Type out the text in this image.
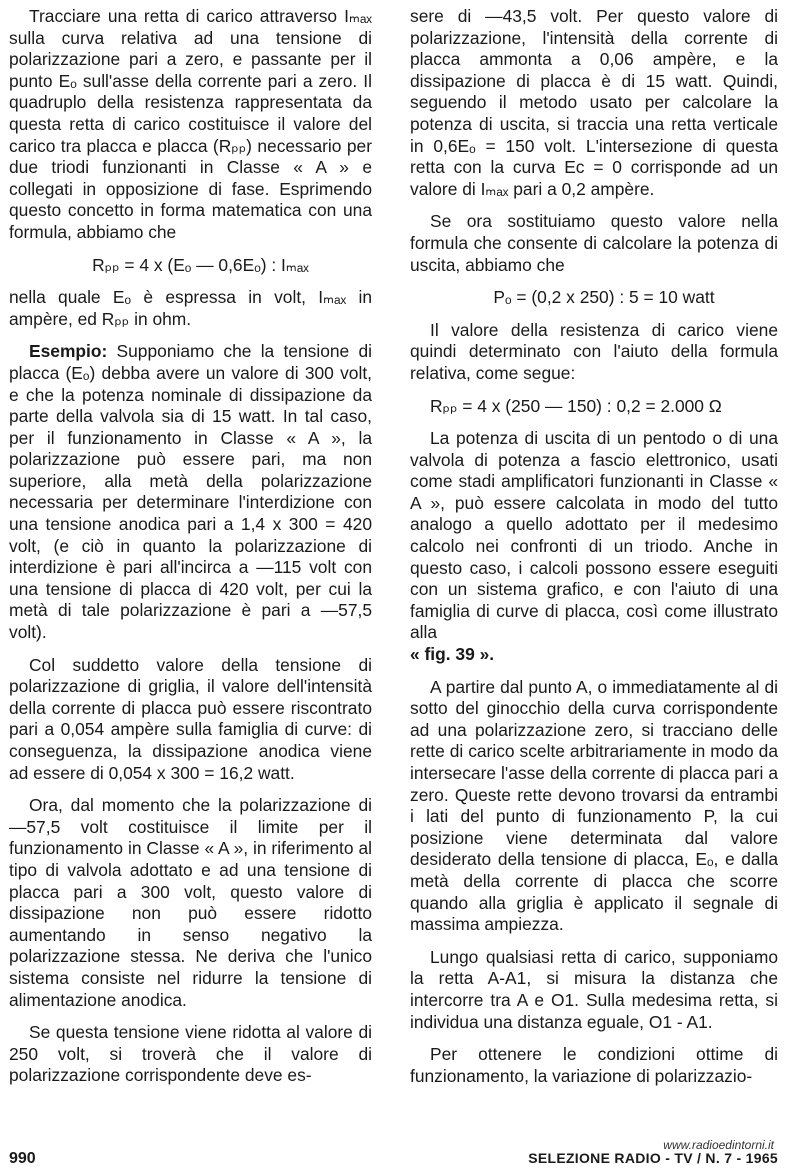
Tracciare una retta di carico attraverso Iₘₐₓ sulla curva relativa ad una tensione di polarizzazione pari a zero, e passante per il punto Eₒ sull'asse della corrente pari a zero. Il quadruplo della resistenza rappresentata da questa retta di carico costituisce il valore del carico tra placca e placca (Rₚₚ) necessario per due triodi funzionanti in Classe « A » e collegati in opposizione di fase. Esprimendo questo concetto in forma matematica con una formula, abbiamo che

Rₚₚ = 4 x (Eₒ — 0,6Eₒ) : Iₘₐₓ

nella quale Eₒ è espressa in volt, Iₘₐₓ in ampère, ed Rₚₚ in ohm.

Esempio: Supponiamo che la tensione di placca (Eₒ) debba avere un valore di 300 volt, e che la potenza nominale di dissipazione da parte della valvola sia di 15 watt. In tal caso, per il funzionamento in Classe « A », la polarizzazione può essere pari, ma non superiore, alla metà della polarizzazione necessaria per determinare l'interdizione con una tensione anodica pari a 1,4 x 300 = 420 volt, (e ciò in quanto la polarizzazione di interdizione è pari all'incirca a —115 volt con una tensione di placca di 420 volt, per cui la metà di tale polarizzazione è pari a —57,5 volt).

Col suddetto valore della tensione di polarizzazione di griglia, il valore dell'intensità della corrente di placca può essere riscontrato pari a 0,054 ampère sulla famiglia di curve: di conseguenza, la dissipazione anodica viene ad essere di 0,054 x 300 = 16,2 watt.

Ora, dal momento che la polarizzazione di —57,5 volt costituisce il limite per il funzionamento in Classe « A », in riferimento al tipo di valvola adottato e ad una tensione di placca pari a 300 volt, questo valore di dissipazione non può essere ridotto aumentando in senso negativo la polarizzazione stessa. Ne deriva che l'unico sistema consiste nel ridurre la tensione di alimentazione anodica.

Se questa tensione viene ridotta al valore di 250 volt, si troverà che il valore di polarizzazione corrispondente deve es-

sere di —43,5 volt. Per questo valore di polarizzazione, l'intensità della corrente di placca ammonta a 0,06 ampère, e la dissipazione di placca è di 15 watt. Quindi, seguendo il metodo usato per calcolare la potenza di uscita, si traccia una retta verticale in 0,6Eₒ = 150 volt. L'intersezione di questa retta con la curva Eᴄ = 0 corrisponde ad un valore di Iₘₐₓ pari a 0,2 ampère.

Se ora sostituiamo questo valore nella formula che consente di calcolare la potenza di uscita, abbiamo che

Pₒ = (0,2 x 250) : 5 = 10 watt

Il valore della resistenza di carico viene quindi determinato con l'aiuto della formula relativa, come segue:

Rₚₚ = 4 x (250 — 150) : 0,2 = 2.000 Ω

La potenza di uscita di un pentodo o di una valvola di potenza a fascio elettronico, usati come stadi amplificatori funzionanti in Classe « A », può essere calcolata in modo del tutto analogo a quello adottato per il medesimo calcolo nei confronti di un triodo. Anche in questo caso, i calcoli possono essere eseguiti con un sistema grafico, e con l'aiuto di una famiglia di curve di placca, così come illustrato alla
« fig. 39 ».

A partire dal punto A, o immediatamente al di sotto del ginocchio della curva corrispondente ad una polarizzazione zero, si tracciano delle rette di carico scelte arbitrariamente in modo da intersecare l'asse della corrente di placca pari a zero. Queste rette devono trovarsi da entrambi i lati del punto di funzionamento P, la cui posizione viene determinata dal valore desiderato della tensione di placca, Eₒ, e dalla metà della corrente di placca che scorre quando alla griglia è applicato il segnale di massima ampiezza.

Lungo qualsiasi retta di carico, supponiamo la retta A-A1, si misura la distanza che intercorre tra A e O1. Sulla medesima retta, si individua una distanza eguale, O1 - A1.

Per ottenere le condizioni ottime di funzionamento, la variazione di polarizzazio-

www.radioedintorni.it
990	SELEZIONE RADIO - TV / N. 7 - 1965
